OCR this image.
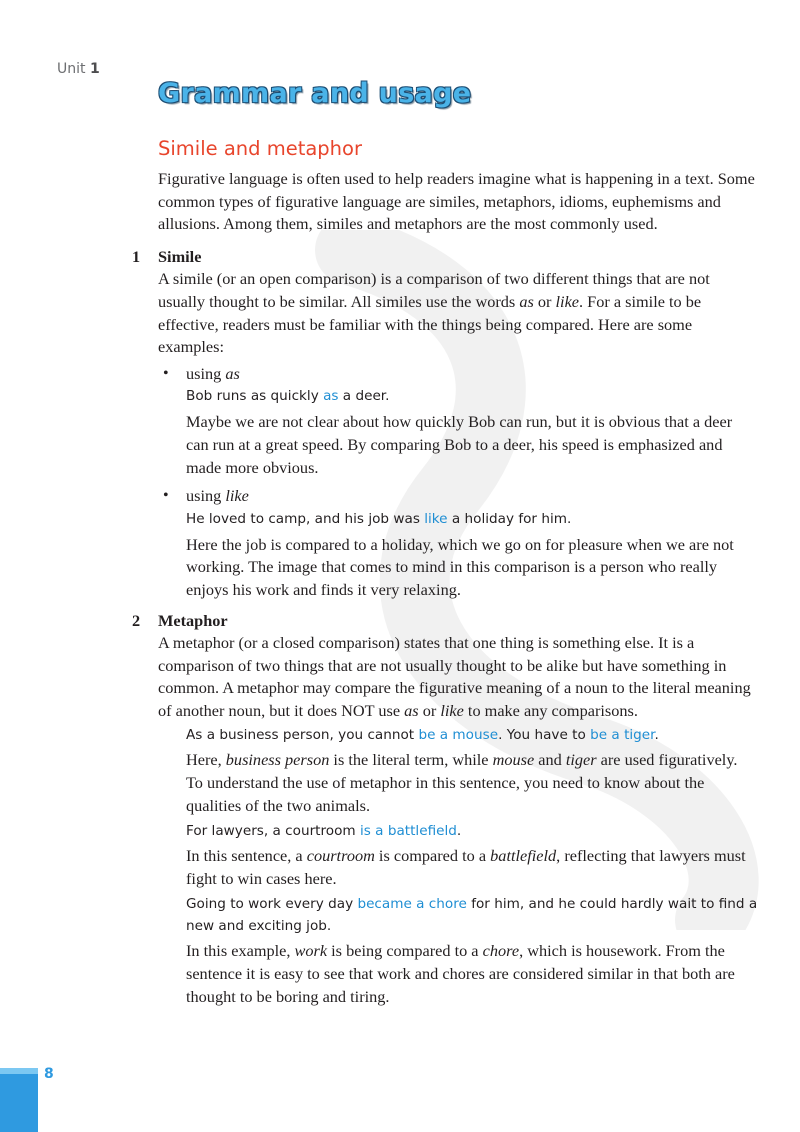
Unit 1
Grammar and usage
Simile and metaphor

Figurative language is often used to help readers imagine what is happening in a text. Some common types of figurative language are similes, metaphors, idioms, euphemisms and allusions. Among them, similes and metaphors are the most commonly used.

1 Simile

A simile (or an open comparison) is a comparison of two different things that are not usually thought to be similar. All similes use the words as or like. For a simile to be effective, readers must be familiar with the things being compared. Here are some examples:

• using as
Bob runs as quickly as a deer.

Maybe we are not clear about how quickly Bob can run, but it is obvious that a deer can run at a great speed. By comparing Bob to a deer, his speed is emphasized and made more obvious.

• using like
He loved to camp, and his job was like a holiday for him.

Here the job is compared to a holiday, which we go on for pleasure when we are not working. The image that comes to mind in this comparison is a person who really enjoys his work and finds it very relaxing.

2 Metaphor

A metaphor (or a closed comparison) states that one thing is something else. It is a comparison of two things that are not usually thought to be alike but have something in common. A metaphor may compare the figurative meaning of a noun to the literal meaning of another noun, but it does NOT use as or like to make any comparisons.

As a business person, you cannot be a mouse. You have to be a tiger.

Here, business person is the literal term, while mouse and tiger are used figuratively. To understand the use of metaphor in this sentence, you need to know about the qualities of the two animals.

For lawyers, a courtroom is a battlefield.

In this sentence, a courtroom is compared to a battlefield, reflecting that lawyers must fight to win cases here.

Going to work every day became a chore for him, and he could hardly wait to find a new and exciting job.

In this example, work is being compared to a chore, which is housework. From the sentence it is easy to see that work and chores are considered similar in that both are thought to be boring and tiring.

8
